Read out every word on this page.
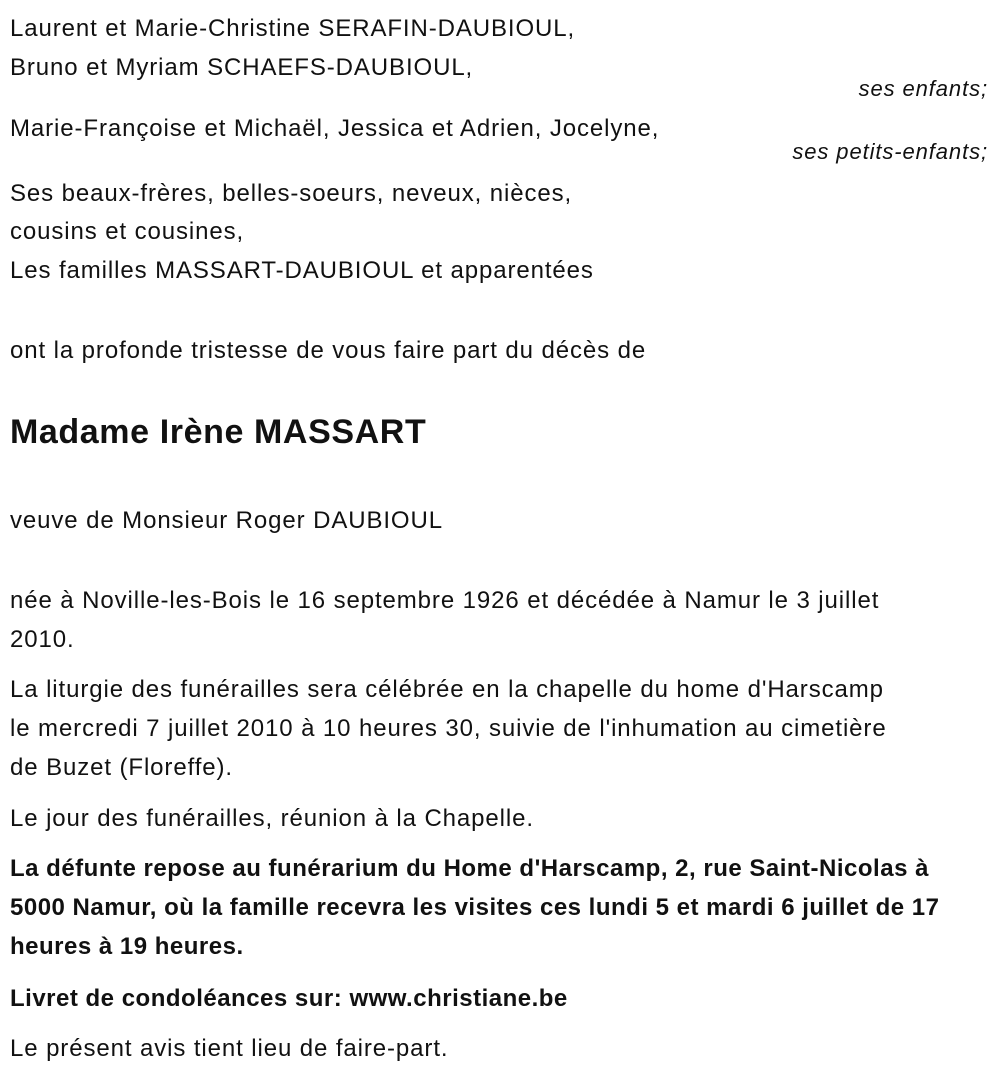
Laurent et Marie-Christine SERAFIN-DAUBIOUL,
Bruno et Myriam SCHAEFS-DAUBIOUL,
ses enfants;
Marie-Françoise et Michaël, Jessica et Adrien, Jocelyne,
ses petits-enfants;
Ses beaux-frères, belles-soeurs, neveux, nièces,
cousins et cousines,
Les familles MASSART-DAUBIOUL et apparentées
ont la profonde tristesse de vous faire part du décès de
Madame Irène MASSART
veuve de Monsieur Roger DAUBIOUL
née à Noville-les-Bois le 16 septembre 1926 et décédée à Namur le 3 juillet 2010.
La liturgie des funérailles sera célébrée en la chapelle du home d'Harscamp le mercredi 7 juillet 2010 à 10 heures 30, suivie de l'inhumation au cimetière de Buzet (Floreffe).
Le jour des funérailles, réunion à la Chapelle.
La défunte repose au funérarium du Home d'Harscamp, 2, rue Saint-Nicolas à 5000 Namur, où la famille recevra les visites ces lundi 5 et mardi 6 juillet de 17 heures à 19 heures.
Livret de condoléances sur: www.christiane.be
Le présent avis tient lieu de faire-part.
